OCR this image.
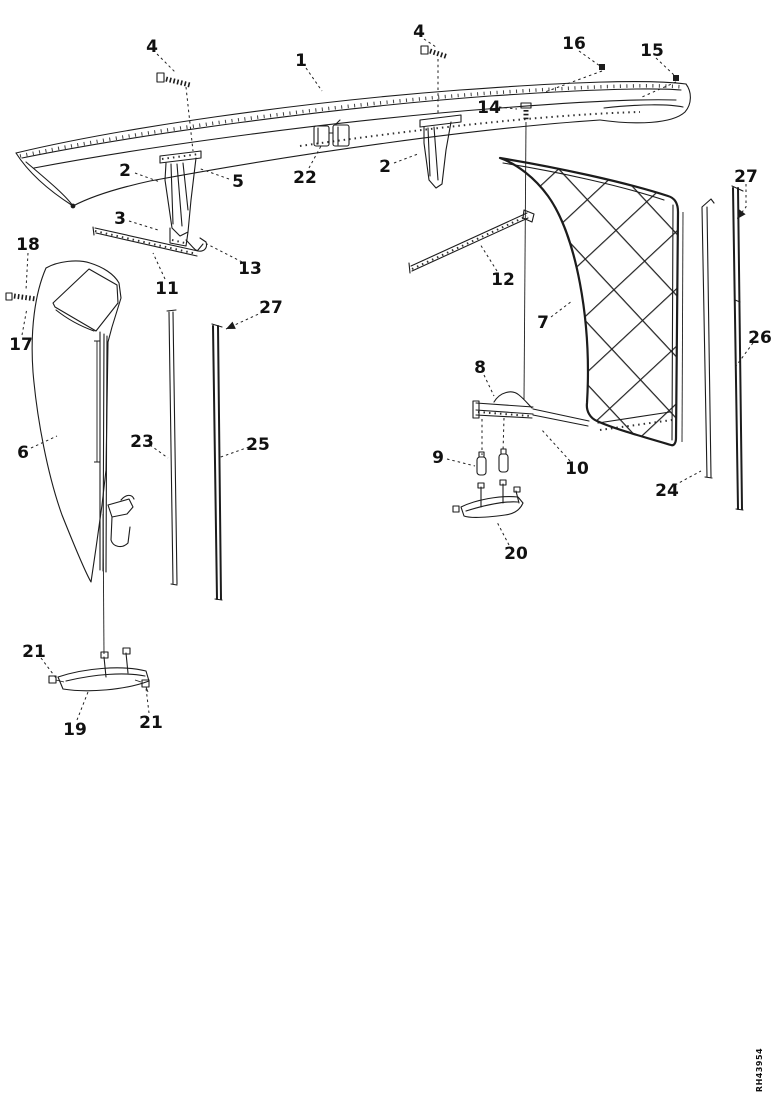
1
4
4
16	15
14
2
5
2
22
3
13
11
18
17
27
12
7
27
26
6
23	25
8
9
10
24
20
21
19	21
RH43954
